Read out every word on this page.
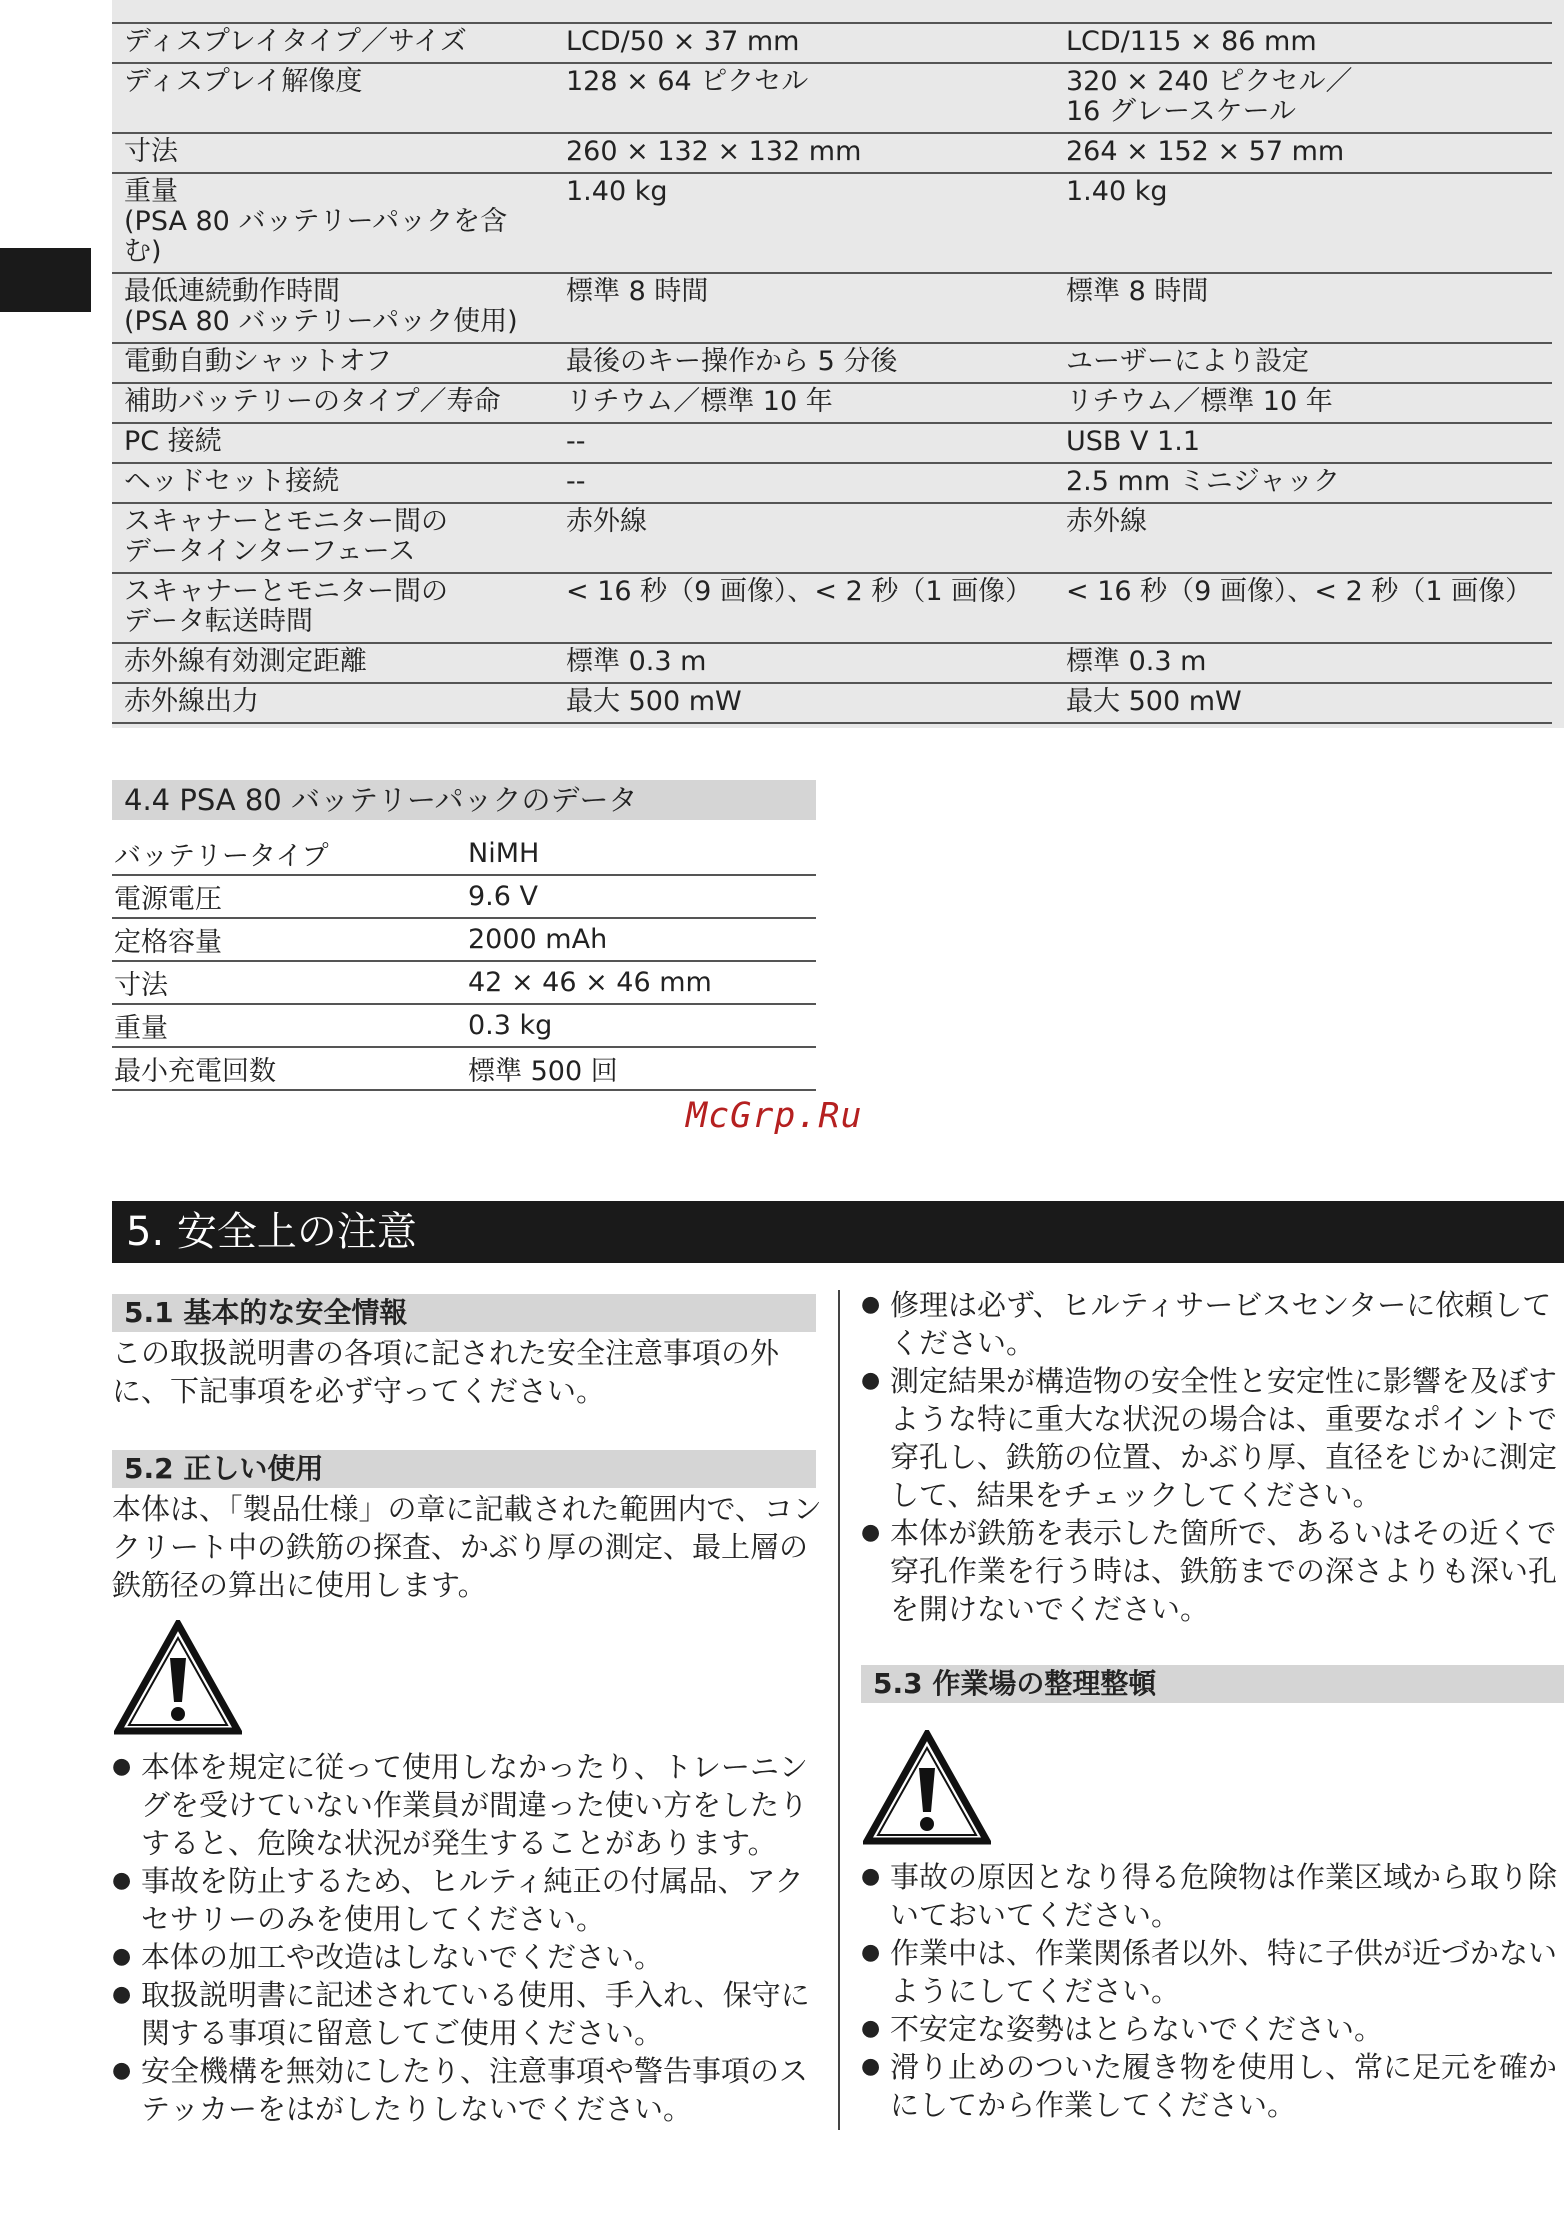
ディスプレイタイプ／サイズ	LCD/50 × 37 mm	LCD/115 × 86 mm
ディスプレイ解像度	128 × 64 ピクセル	320 × 240 ピクセル／
16 グレースケール
寸法	260 × 132 × 132 mm	264 × 152 × 57 mm
重量
(PSA 80 バッテリーパックを含む)	1.40 kg	1.40 kg
最低連続動作時間
(PSA 80 バッテリーパック使用)	標準 8 時間	標準 8 時間
電動自動シャットオフ	最後のキー操作から 5 分後	ユーザーにより設定
補助バッテリーのタイプ／寿命	リチウム／標準 10 年	リチウム／標準 10 年
PC 接続	--	USB V 1.1
ヘッドセット接続	--	2.5 mm ミニジャック
スキャナーとモニター間の
データインターフェース	赤外線	赤外線
スキャナーとモニター間の
データ転送時間	< 16 秒（9 画像）、< 2 秒（1 画像）	< 16 秒（9 画像）、< 2 秒（1 画像）
赤外線有効測定距離	標準 0.3 m	標準 0.3 m
赤外線出力	最大 500 mW	最大 500 mW
4.4 PSA 80 バッテリーパックのデータ
バッテリータイプ	NiMH
電源電圧	9.6 V
定格容量	2000 mAh
寸法	42 × 46 × 46 mm
重量	0.3 kg
最小充電回数	標準 500 回
McGrp.Ru
5. 安全上の注意
5.1 基本的な安全情報

この取扱説明書の各項に記された安全注意事項の外に、下記事項を必ず守ってください。

5.2 正しい使用

本体は、「製品仕様」の章に記載された範囲内で、コンクリート中の鉄筋の探査、かぶり厚の測定、最上層の鉄筋径の算出に使用します。

● 本体を規定に従って使用しなかったり、トレーニングを受けていない作業員が間違った使い方をしたりすると、危険な状況が発生することがあります。
● 事故を防止するため、ヒルティ純正の付属品、アクセサリーのみを使用してください。
● 本体の加工や改造はしないでください。
● 取扱説明書に記述されている使用、手入れ、保守に関する事項に留意してご使用ください。
● 安全機構を無効にしたり、注意事項や警告事項のステッカーをはがしたりしないでください。
● 修理は必ず、ヒルティサービスセンターに依頼してください。
● 測定結果が構造物の安全性と安定性に影響を及ぼすような特に重大な状況の場合は、重要なポイントで穿孔し、鉄筋の位置、かぶり厚、直径をじかに測定して、結果をチェックしてください。
● 本体が鉄筋を表示した箇所で、あるいはその近くで穿孔作業を行う時は、鉄筋までの深さよりも深い孔を開けないでください。
5.3 作業場の整理整頓
● 事故の原因となり得る危険物は作業区域から取り除いておいてください。
● 作業中は、作業関係者以外、特に子供が近づかないようにしてください。
● 不安定な姿勢はとらないでください。
● 滑り止めのついた履き物を使用し、常に足元を確かにしてから作業してください。
